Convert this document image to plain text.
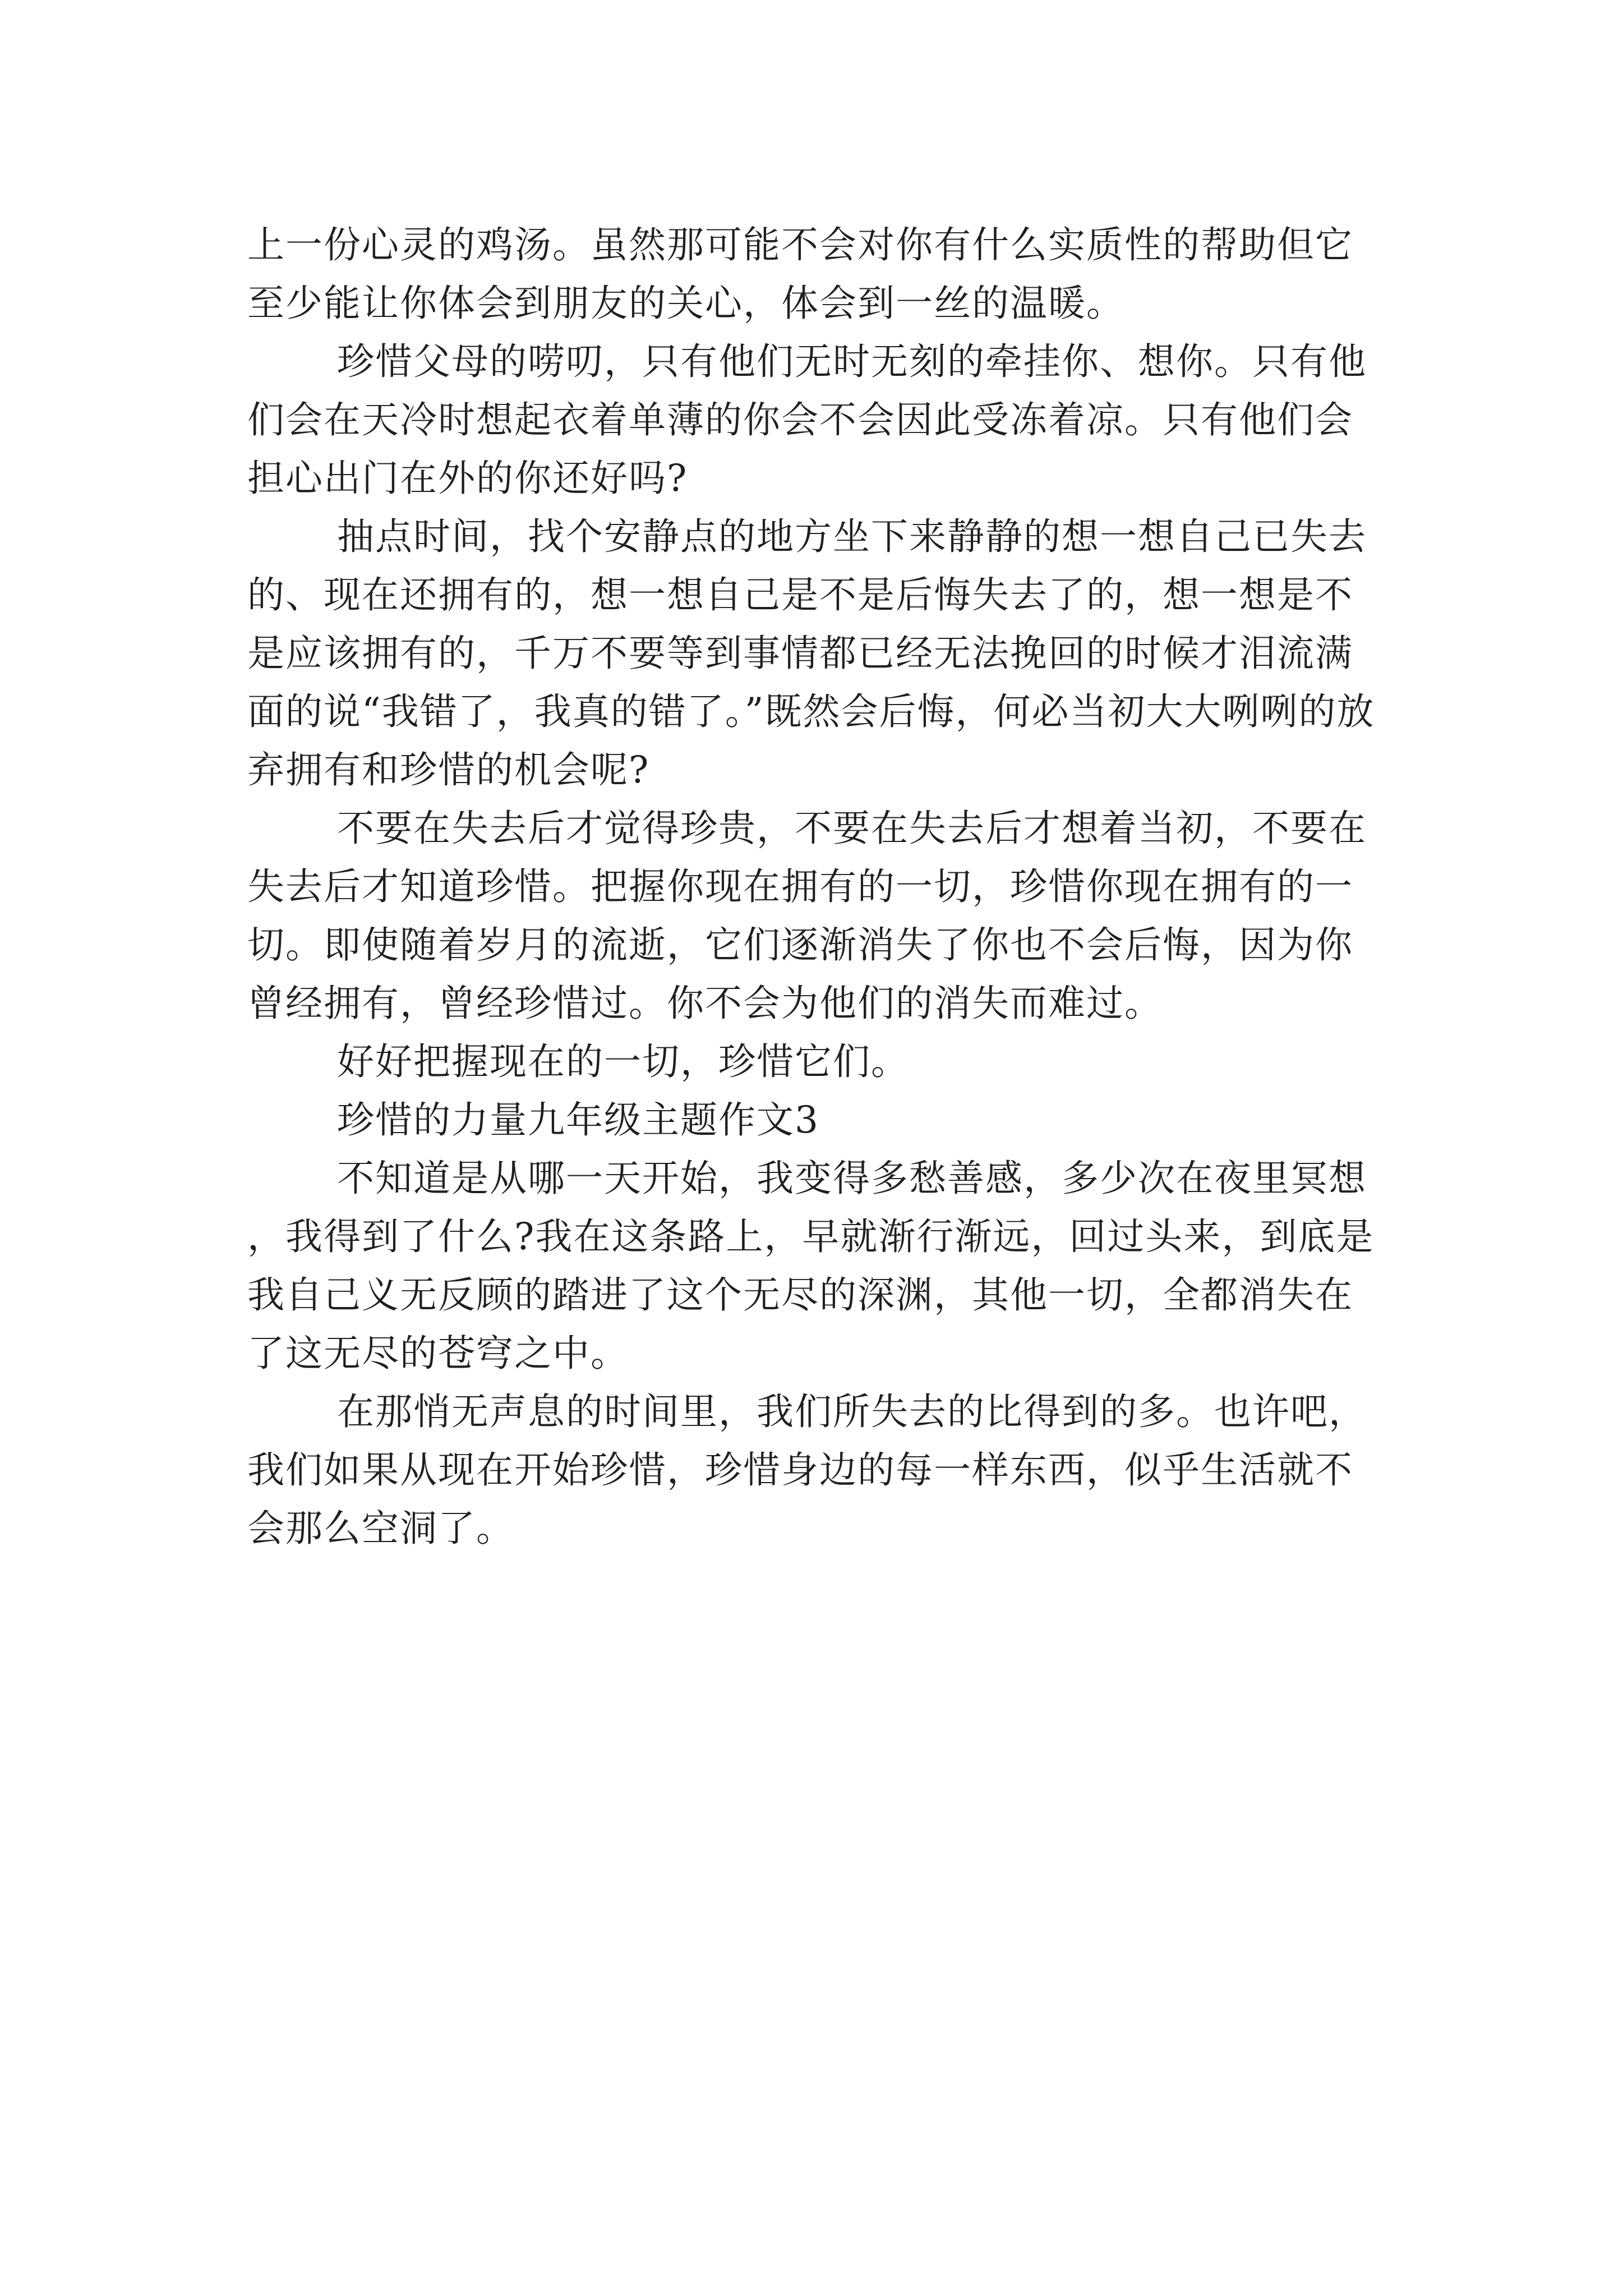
上一份心灵的鸡汤。虽然那可能不会对你有什么实质性的帮助但它至少能让你体会到朋友的关心，体会到一丝的温暖。

珍惜父母的唠叨，只有他们无时无刻的牵挂你、想你。只有他们会在天冷时想起衣着单薄的你会不会因此受冻着凉。只有他们会担心出门在外的你还好吗?

抽点时间，找个安静点的地方坐下来静静的想一想自己已失去的、现在还拥有的，想一想自己是不是后悔失去了的，想一想是不是应该拥有的，千万不要等到事情都已经无法挽回的时候才泪流满面的说“我错了，我真的错了。”既然会后悔，何必当初大大咧咧的放弃拥有和珍惜的机会呢?

不要在失去后才觉得珍贵，不要在失去后才想着当初，不要在失去后才知道珍惜。把握你现在拥有的一切，珍惜你现在拥有的一切。即使随着岁月的流逝，它们逐渐消失了你也不会后悔，因为你曾经拥有，曾经珍惜过。你不会为他们的消失而难过。

好好把握现在的一切，珍惜它们。

珍惜的力量九年级主题作文3

不知道是从哪一天开始，我变得多愁善感，多少次在夜里冥想，我得到了什么?我在这条路上，早就渐行渐远，回过头来，到底是我自己义无反顾的踏进了这个无尽的深渊，其他一切，全都消失在了这无尽的苍穹之中。

在那悄无声息的时间里，我们所失去的比得到的多。也许吧，我们如果从现在开始珍惜，珍惜身边的每一样东西，似乎生活就不会那么空洞了。
